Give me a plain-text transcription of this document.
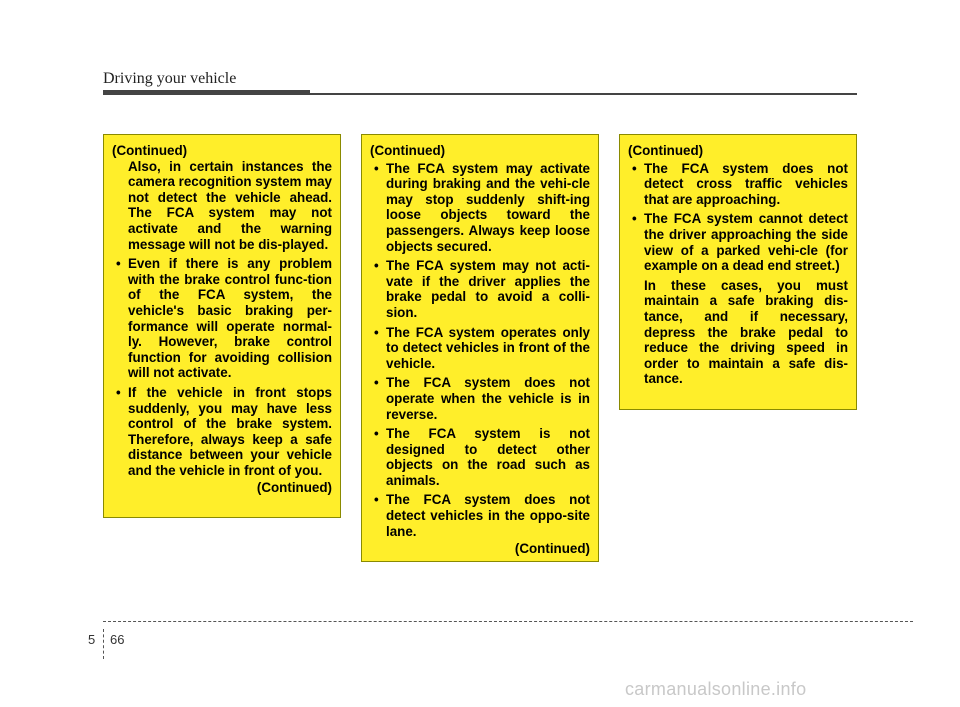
Driving your vehicle
(Continued)
Also, in certain instances the camera recognition system may not detect the vehicle ahead. The FCA system may not activate and the warning message will not be dis-played.
• Even if there is any problem with the brake control func-tion of the FCA system, the vehicle's basic braking per-formance will operate normal-ly. However, brake control function for avoiding collision will not activate.
• If the vehicle in front stops suddenly, you may have less control of the brake system. Therefore, always keep a safe distance between your vehicle and the vehicle in front of you.
(Continued)
(Continued)
• The FCA system may activate during braking and the vehi-cle may stop suddenly shift-ing loose objects toward the passengers. Always keep loose objects secured.
• The FCA system may not acti-vate if the driver applies the brake pedal to avoid a colli-sion.
• The FCA system operates only to detect vehicles in front of the vehicle.
• The FCA system does not operate when the vehicle is in reverse.
• The FCA system is not designed to detect other objects on the road such as animals.
• The FCA system does not detect vehicles in the oppo-site lane.
(Continued)
(Continued)
• The FCA system does not detect cross traffic vehicles that are approaching.
• The FCA system cannot detect the driver approaching the side view of a parked vehi-cle (for example on a dead end street.)
In these cases, you must maintain a safe braking dis-tance, and if necessary, depress the brake pedal to reduce the driving speed in order to maintain a safe dis-tance.
5 66
carmanualsonline.info
